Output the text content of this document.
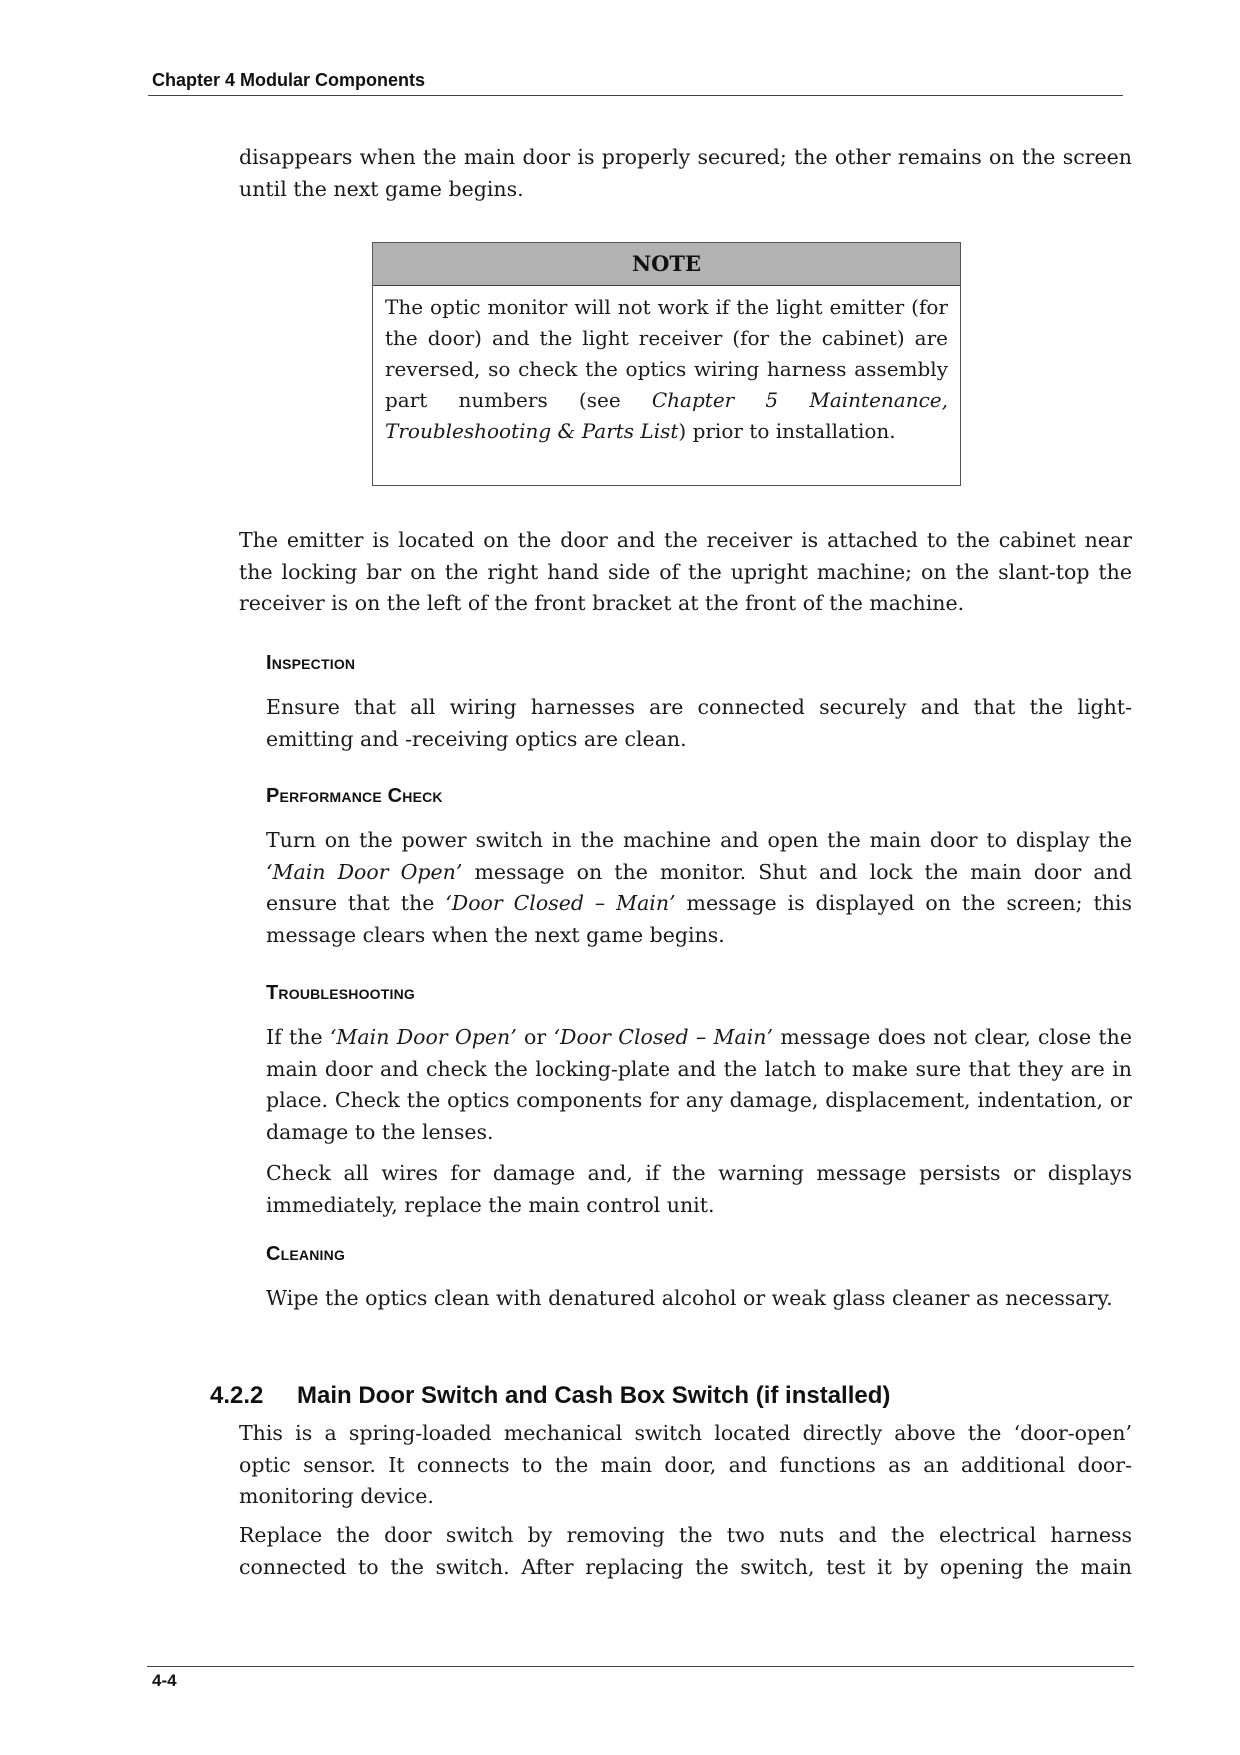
Chapter 4 Modular Components

disappears when the main door is properly secured; the other remains on the screen until the next game begins.

NOTE
The optic monitor will not work if the light emitter (for the door) and the light receiver (for the cabinet) are reversed, so check the optics wiring harness assembly part numbers (see Chapter 5 Maintenance, Troubleshooting & Parts List) prior to installation.

The emitter is located on the door and the receiver is attached to the cabinet near the locking bar on the right hand side of the upright machine; on the slant-top the receiver is on the left of the front bracket at the front of the machine.

Inspection

Ensure that all wiring harnesses are connected securely and that the light-emitting and -receiving optics are clean.

Performance Check

Turn on the power switch in the machine and open the main door to display the ‘Main Door Open’ message on the monitor. Shut and lock the main door and ensure that the ‘Door Closed – Main’ message is displayed on the screen; this message clears when the next game begins.

Troubleshooting

If the ‘Main Door Open’ or ‘Door Closed – Main’ message does not clear, close the main door and check the locking-plate and the latch to make sure that they are in place. Check the optics components for any damage, displacement, indentation, or damage to the lenses.

Check all wires for damage and, if the warning message persists or displays immediately, replace the main control unit.

Cleaning

Wipe the optics clean with denatured alcohol or weak glass cleaner as necessary.

4.2.2 Main Door Switch and Cash Box Switch (if installed)

This is a spring-loaded mechanical switch located directly above the ‘door-open’ optic sensor. It connects to the main door, and functions as an additional door-monitoring device.

Replace the door switch by removing the two nuts and the electrical harness connected to the switch. After replacing the switch, test it by opening the main

4-4
